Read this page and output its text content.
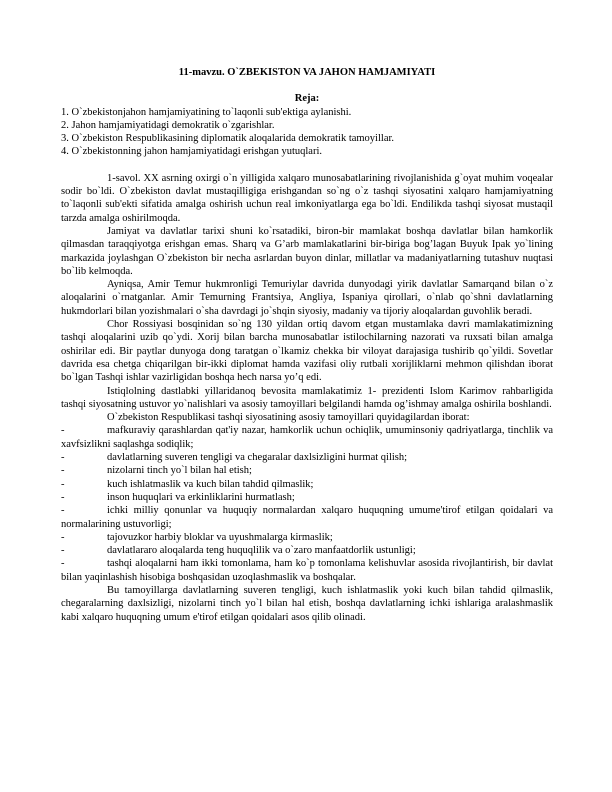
11-mavzu. O`ZBEKISTON VA JAHON HAMJAMIYATI
Reja:
1. O`zbekistonjahon hamjamiyatining to`laqonli sub'ektiga aylanishi.
2. Jahon hamjamiyatidagi demokratik o`zgarishlar.
3. O`zbekiston Respublikasining diplomatik aloqalarida demokratik tamoyillar.
4. O`zbekistonning jahon hamjamiyatidagi erishgan yutuqlari.

1-savol. XX asrning oxirgi o`n yilligida xalqaro munosabatlarining rivojlanishida g`oyat muhim voqealar sodir bo`ldi. O`zbekiston davlat mustaqilligiga erishgandan so`ng o`z tashqi siyosatini xalqaro hamjamiyatning to`laqonli sub'ekti sifatida amalga oshirish uchun real imkoniyatlarga ega bo`ldi. Endilikda tashqi siyosat mustaqil tarzda amalga oshirilmoqda.

Jamiyat va davlatlar tarixi shuni ko`rsatadiki, biron-bir mamlakat boshqa davlatlar bilan hamkorlik qilmasdan taraqqiyotga erishgan emas. Sharq va G’arb mamlakatlarini bir-biriga bog’lagan Buyuk Ipak yo`lining markazida joylashgan O`zbekiston bir necha asrlardan buyon dinlar, millatlar va madaniyatlarning tutashuv nuqtasi bo`lib kelmoqda.

Ayniqsa, Amir Temur hukmronligi Temuriylar davrida dunyodagi yirik davlatlar Samarqand bilan o`z aloqalarini o`rnatganlar. Amir Temurning Frantsiya, Angliya, Ispaniya qirollari, o`nlab qo`shni davlatlarning hukmdorlari bilan yozishmalari o`sha davrdagi jo`shqin siyosiy, madaniy va tijoriy aloqalardan guvohlik beradi.

Chor Rossiyasi bosqinidan so`ng 130 yildan ortiq davom etgan mustamlaka davri mamlakatimizning tashqi aloqalarini uzib qo`ydi. Xorij bilan barcha munosabatlar istilochilarning nazorati va ruxsati bilan amalga oshirilar edi. Bir paytlar dunyoga dong taratgan o`lkamiz chekka bir viloyat darajasiga tushirib qo`yildi. Sovetlar davrida esa chetga chiqarilgan bir-ikki diplomat hamda vazifasi oliy rutbali xorijliklarni mehmon qilishdan iborat bo`lgan Tashqi ishlar vazirligidan boshqa hech narsa yo’q edi.

Istiqlolning dastlabki yillaridanoq bevosita mamlakatimiz 1- prezidenti Islom Karimov rahbarligida tashqi siyosatning ustuvor yo`nalishlari va asosiy tamoyillari belgilandi hamda og’ishmay amalga oshirila boshlandi.

O`zbekiston Respublikasi tashqi siyosatining asosiy tamoyillari quyidagilardan iborat:

-	mafkuraviy qarashlardan qat'iy nazar, hamkorlik uchun ochiqlik, umuminsoniy qadriyatlarga, tinchlik va xavfsizlikni saqlashga sodiqlik;
-	davlatlarning suveren tengligi va chegaralar daxlsizligini hurmat qilish;
-	nizolarni tinch yo`l bilan hal etish;
-	kuch ishlatmaslik va kuch bilan tahdid qilmaslik;
-	inson huquqlari va erkinliklarini hurmatlash;
-	ichki milliy qonunlar va huquqiy normalardan xalqaro huquqning umume'tirof etilgan qoidalari va normalarining ustuvorligi;
-	tajovuzkor harbiy bloklar va uyushmalarga kirmaslik;
-	davlatlararo aloqalarda teng huquqlilik va o`zaro manfaatdorlik ustunligi;
-	tashqi aloqalarni ham ikki tomonlama, ham ko`p tomonlama kelishuvlar asosida rivojlantirish, bir davlat bilan yaqinlashish hisobiga boshqasidan uzoqlashmaslik va boshqalar.

Bu tamoyillarga davlatlarning suveren tengligi, kuch ishlatmaslik yoki kuch bilan tahdid qilmaslik, chegaralarning daxlsizligi, nizolarni tinch yo`l bilan hal etish, boshqa davlatlarning ichki ishlariga aralashmaslik kabi xalqaro huquqning umum e'tirof etilgan qoidalari asos qilib olinadi.
